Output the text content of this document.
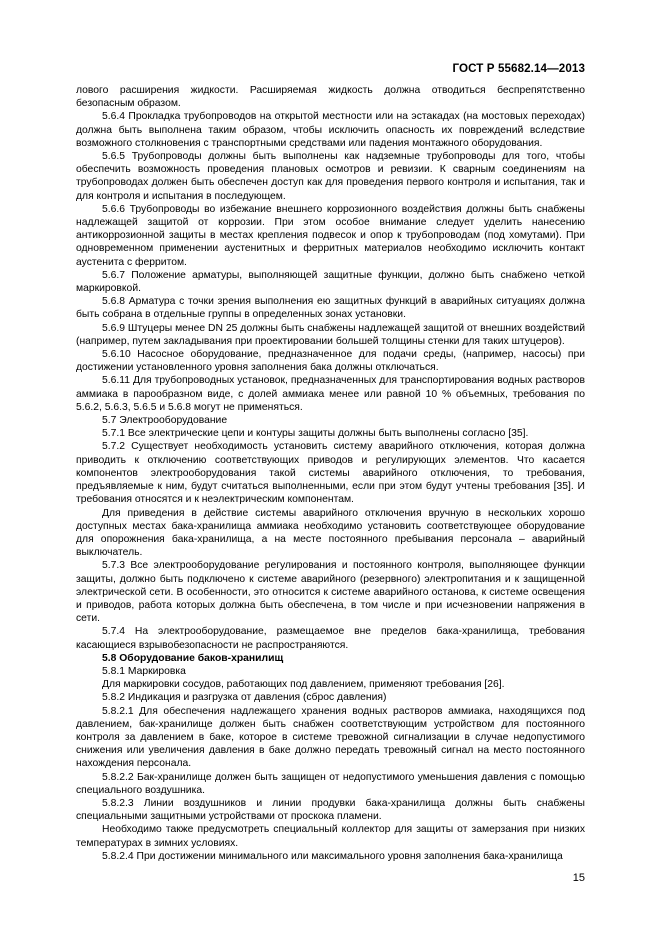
ГОСТ Р 55682.14—2013

лового расширения жидкости. Расширяемая жидкость должна отводиться беспрепятственно безопасным образом.

5.6.4 Прокладка трубопроводов на открытой местности или на эстакадах (на мостовых переходах) должна быть выполнена таким образом, чтобы исключить опасность их повреждений вследствие возможного столкновения с транспортными средствами или падения монтажного оборудования.

5.6.5 Трубопроводы должны быть выполнены как надземные трубопроводы для того, чтобы обеспечить возможность проведения плановых осмотров и ревизии. К сварным соединениям на трубопроводах должен быть обеспечен доступ как для проведения первого контроля и испытания, так и для контроля и испытания в последующем.

5.6.6 Трубопроводы во избежание внешнего коррозионного воздействия должны быть снабжены надлежащей защитой от коррозии. При этом особое внимание следует уделить нанесению антикоррозионной защиты в местах крепления подвесок и опор к трубопроводам (под хомутами). При одновременном применении аустенитных и ферритных материалов необходимо исключить контакт аустенита с ферритом.

5.6.7 Положение арматуры, выполняющей защитные функции, должно быть снабжено четкой маркировкой.

5.6.8 Арматура с точки зрения выполнения ею защитных функций в аварийных ситуациях должна быть собрана в отдельные группы в определенных зонах установки.

5.6.9 Штуцеры менее DN 25 должны быть снабжены надлежащей защитой от внешних воздействий (например, путем закладывания при проектировании большей толщины стенки для таких штуцеров).

5.6.10 Насосное оборудование, предназначенное для подачи среды, (например, насосы) при достижении установленного уровня заполнения бака должны отключаться.

5.6.11 Для трубопроводных установок, предназначенных для транспортирования водных растворов аммиака в парообразном виде, с долей аммиака менее или равной 10 % объемных, требования по 5.6.2, 5.6.3, 5.6.5 и 5.6.8 могут не применяться.

5.7 Электрооборудование

5.7.1 Все электрические цепи и контуры защиты должны быть выполнены согласно [35].

5.7.2 Существует необходимость установить систему аварийного отключения, которая должна приводить к отключению соответствующих приводов и регулирующих элементов. Что касается компонентов электрооборудования такой системы аварийного отключения, то требования, предъявляемые к ним, будут считаться выполненными, если при этом будут учтены требования [35]. И требования относятся и к неэлектрическим компонентам.

Для приведения в действие системы аварийного отключения вручную в нескольких хорошо доступных местах бака-хранилища аммиака необходимо установить соответствующее оборудование для опорожнения бака-хранилища, а на месте постоянного пребывания персонала – аварийный выключатель.

5.7.3 Все электрооборудование регулирования и постоянного контроля, выполняющее функции защиты, должно быть подключено к системе аварийного (резервного) электропитания и к защищенной электрической сети. В особенности, это относится к системе аварийного останова, к системе освещения и приводов, работа которых должна быть обеспечена, в том числе и при исчезновении напряжения в сети.

5.7.4 На электрооборудование, размещаемое вне пределов бака-хранилища, требования касающиеся взрывобезопасности не распространяются.

5.8 Оборудование баков-хранилищ

5.8.1 Маркировка

Для маркировки сосудов, работающих под давлением, применяют требования [26].

5.8.2 Индикация и разгрузка от давления (сброс давления)

5.8.2.1 Для обеспечения надлежащего хранения водных растворов аммиака, находящихся под давлением, бак-хранилище должен быть снабжен соответствующим устройством для постоянного контроля за давлением в баке, которое в системе тревожной сигнализации в случае недопустимого снижения или увеличения давления в баке должно передать тревожный сигнал на место постоянного нахождения персонала.

5.8.2.2 Бак-хранилище должен быть защищен от недопустимого уменьшения давления с помощью специального воздушника.

5.8.2.3 Линии воздушников и линии продувки бака-хранилища должны быть снабжены специальными защитными устройствами от проскока пламени.

Необходимо также предусмотреть специальный коллектор для защиты от замерзания при низких температурах в зимних условиях.

5.8.2.4 При достижении минимального или максимального уровня заполнения бака-хранилища

15
